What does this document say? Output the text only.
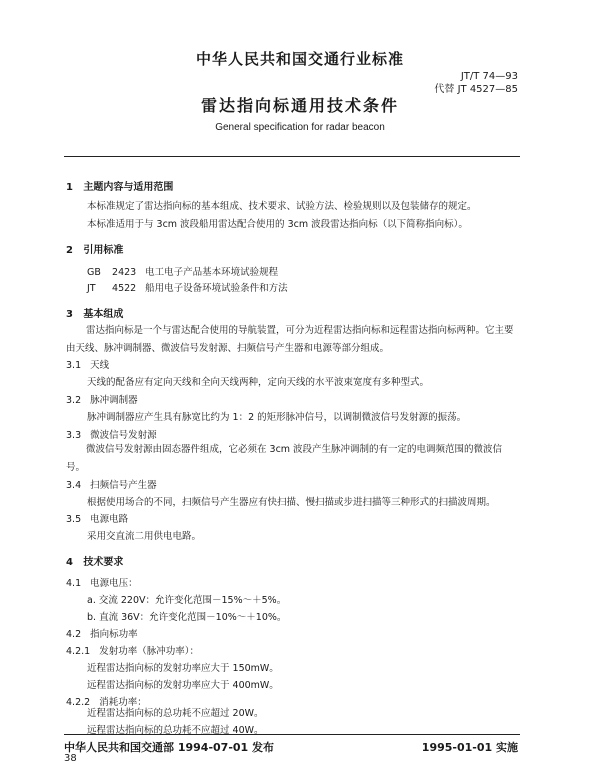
中华人民共和国交通行业标准
JT/T 74—93
代替 JT 4527—85
雷达指向标通用技术条件
General specification for radar beacon
1 主题内容与适用范围
本标准规定了雷达指向标的基本组成、技术要求、试验方法、检验规则以及包装储存的规定。
本标准适用于与 3cm 波段船用雷达配合使用的 3cm 波段雷达指向标（以下简称指向标）。
2 引用标准
GB 2423 电工电子产品基本环境试验规程
JT 4522 船用电子设备环境试验条件和方法
3 基本组成
雷达指向标是一个与雷达配合使用的导航装置，可分为近程雷达指向标和远程雷达指向标两种。它主要由天线、脉冲调制器、微波信号发射源、扫频信号产生器和电源等部分组成。
3.1 天线
天线的配备应有定向天线和全向天线两种，定向天线的水平波束宽度有多种型式。
3.2 脉冲调制器
脉冲调制器应产生具有脉宽比约为 1：2 的矩形脉冲信号，以调制微波信号发射源的振荡。
3.3 微波信号发射源
微波信号发射源由固态器件组成，它必须在 3cm 波段产生脉冲调制的有一定的电调频范围的微波信号。
3.4 扫频信号产生器
根据使用场合的不同，扫频信号产生器应有快扫描、慢扫描或步进扫描等三种形式的扫描波周期。
3.5 电源电路
采用交直流二用供电电路。
4 技术要求
4.1 电源电压：
a. 交流 220V：允许变化范围－15%～＋5%。
b. 直流 36V：允许变化范围－10%～＋10%。
4.2 指向标功率
4.2.1 发射功率（脉冲功率）：
近程雷达指向标的发射功率应大于 150mW。
远程雷达指向标的发射功率应大于 400mW。
4.2.2 消耗功率：
近程雷达指向标的总功耗不应超过 20W。
远程雷达指向标的总功耗不应超过 40W。
中华人民共和国交通部 1994-07-01 发布	1995-01-01 实施
38
